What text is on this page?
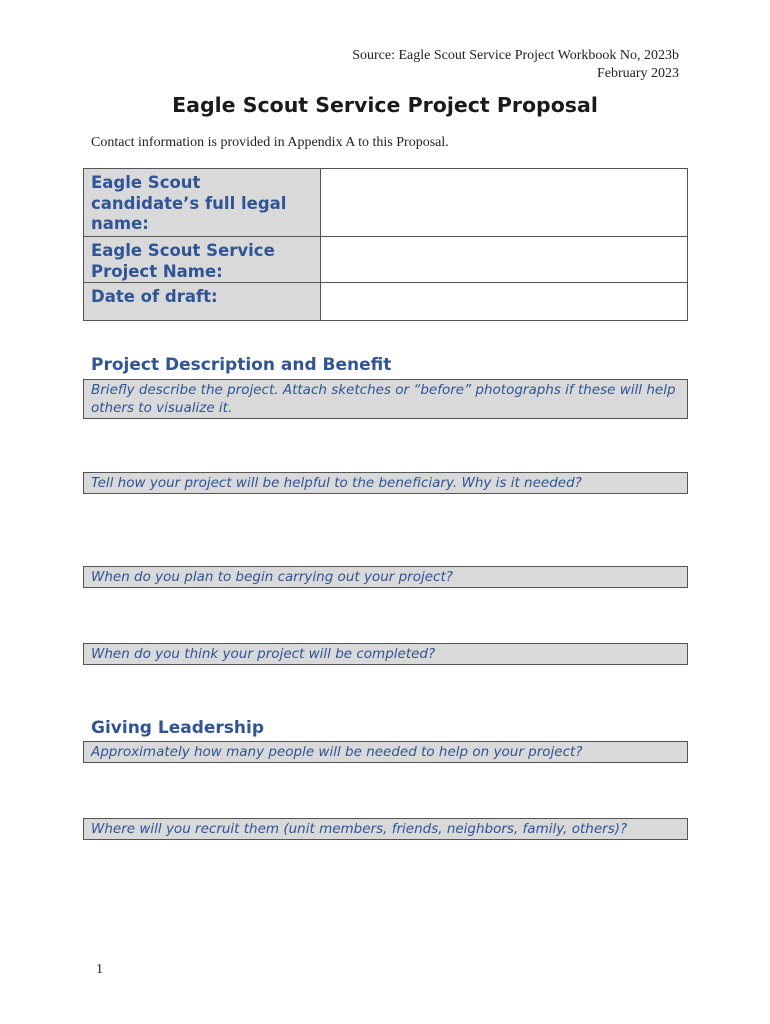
Source: Eagle Scout Service Project Workbook No, 2023b
February 2023
Eagle Scout Service Project Proposal
Contact information is provided in Appendix A to this Proposal.
Eagle Scout candidate’s full legal name:	
Eagle Scout Service Project Name:	
Date of draft:	
Project Description and Benefit
Briefly describe the project. Attach sketches or “before” photographs if these will help others to visualize it.
Tell how your project will be helpful to the beneficiary. Why is it needed?
When do you plan to begin carrying out your project?
When do you think your project will be completed?
Giving Leadership
Approximately how many people will be needed to help on your project?
Where will you recruit them (unit members, friends, neighbors, family, others)?
1
